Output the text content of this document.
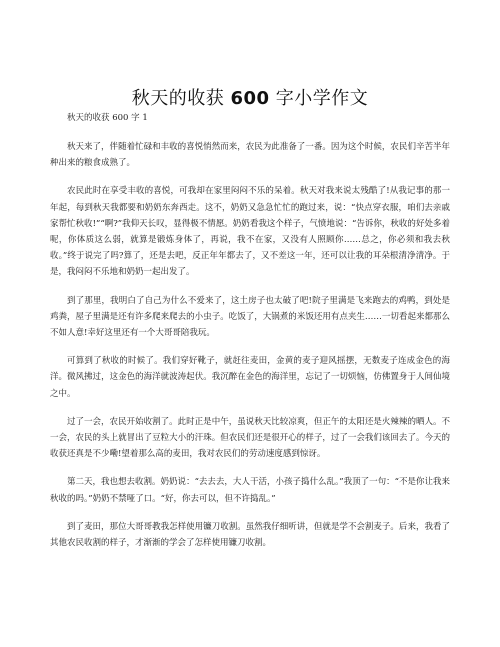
秋天的收获 600 字小学作文

秋天的收获 600 字 1

秋天来了，伴随着忙碌和丰收的喜悦悄然而来，农民为此准备了一番。因为这个时候，农民们辛苦半年种出来的粮食成熟了。

农民此时在享受丰收的喜悦，可我却在家里闷闷不乐的呆着。秋天对我来说太残酷了!从我记事的那一年起，每到秋天我都要和奶奶东奔西走。这不，奶奶又急急忙忙的跑过来，说：“快点穿衣服，咱们去亲戚家帮忙秋收!”“啊?”我仰天长叹，显得极不情愿。奶奶看我这个样子，气愤地说：“告诉你，秋收的好处多着呢，你体质这么弱，就算是锻炼身体了，再说，我不在家，又没有人照顾你……总之，你必须和我去秋收。”终于说完了吗?算了，还是去吧，反正年年都去了，又不差这一年，还可以让我的耳朵根清净清净。于是，我闷闷不乐地和奶奶一起出发了。

到了那里，我明白了自己为什么不爱来了，这土房子也太破了吧!院子里满是飞来跑去的鸡鸭，到处是鸡粪，屋子里满是还有许多爬来爬去的小虫子。吃饭了，大锅煮的米饭还用有点夹生……一切看起来都那么不如人意!幸好这里还有一个大哥哥陪我玩。

可算到了秋收的时候了。我们穿好靴子，就赶往麦田，金黄的麦子迎风摇摆，无数麦子连成金色的海洋。微风拂过，这金色的海洋就波涛起伏。我沉醉在金色的海洋里，忘记了一切烦恼，仿佛置身于人间仙境之中。

过了一会，农民开始收割了。此时正是中午，虽说秋天比较凉爽，但正午的太阳还是火辣辣的晒人。不一会，农民的头上就冒出了豆粒大小的汗珠。但农民们还是很开心的样子，过了一会我们该回去了。今天的收获还真是不少嘞!望着那么高的麦田，我对农民们的劳动速度感到惊讶。

第二天，我也想去收割。奶奶说：“去去去，大人干活，小孩子捣什么乱。”我顶了一句：“不是你让我来秋收的吗。”奶奶不禁哑了口。“好，你去可以，但不许捣乱。”

到了麦田，那位大哥哥教我怎样使用镰刀收割。虽然我仔细听讲，但就是学不会割麦子。后来，我看了其他农民收割的样子，才渐渐的学会了怎样使用镰刀收割。
